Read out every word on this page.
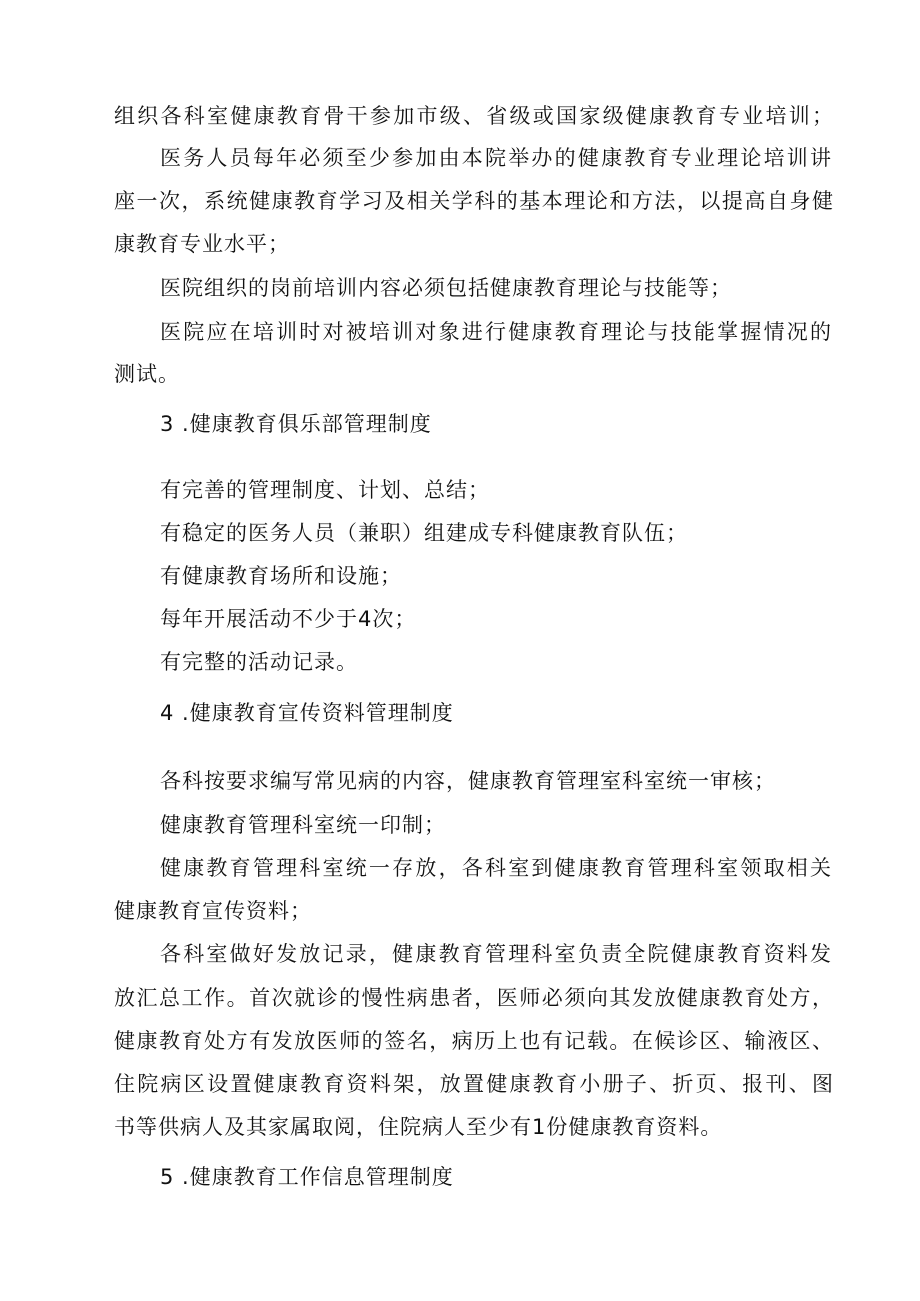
组织各科室健康教育骨干参加市级、省级或国家级健康教育专业培训；
医务人员每年必须至少参加由本院举办的健康教育专业理论培训讲
座一次，系统健康教育学习及相关学科的基本理论和方法，以提高自身健
康教育专业水平；
医院组织的岗前培训内容必须包括健康教育理论与技能等；
医院应在培训时对被培训对象进行健康教育理论与技能掌握情况的
测试。
3 .健康教育俱乐部管理制度
有完善的管理制度、计划、总结；
有稳定的医务人员（兼职）组建成专科健康教育队伍；
有健康教育场所和设施；
每年开展活动不少于4次；
有完整的活动记录。
4 .健康教育宣传资料管理制度
各科按要求编写常见病的内容，健康教育管理室科室统一审核；
健康教育管理科室统一印制；
健康教育管理科室统一存放，各科室到健康教育管理科室领取相关
健康教育宣传资料；
各科室做好发放记录，健康教育管理科室负责全院健康教育资料发
放汇总工作。首次就诊的慢性病患者，医师必须向其发放健康教育处方，
健康教育处方有发放医师的签名，病历上也有记载。在候诊区、输液区、
住院病区设置健康教育资料架，放置健康教育小册子、折页、报刊、图
书等供病人及其家属取阅，住院病人至少有1份健康教育资料。
5 .健康教育工作信息管理制度
